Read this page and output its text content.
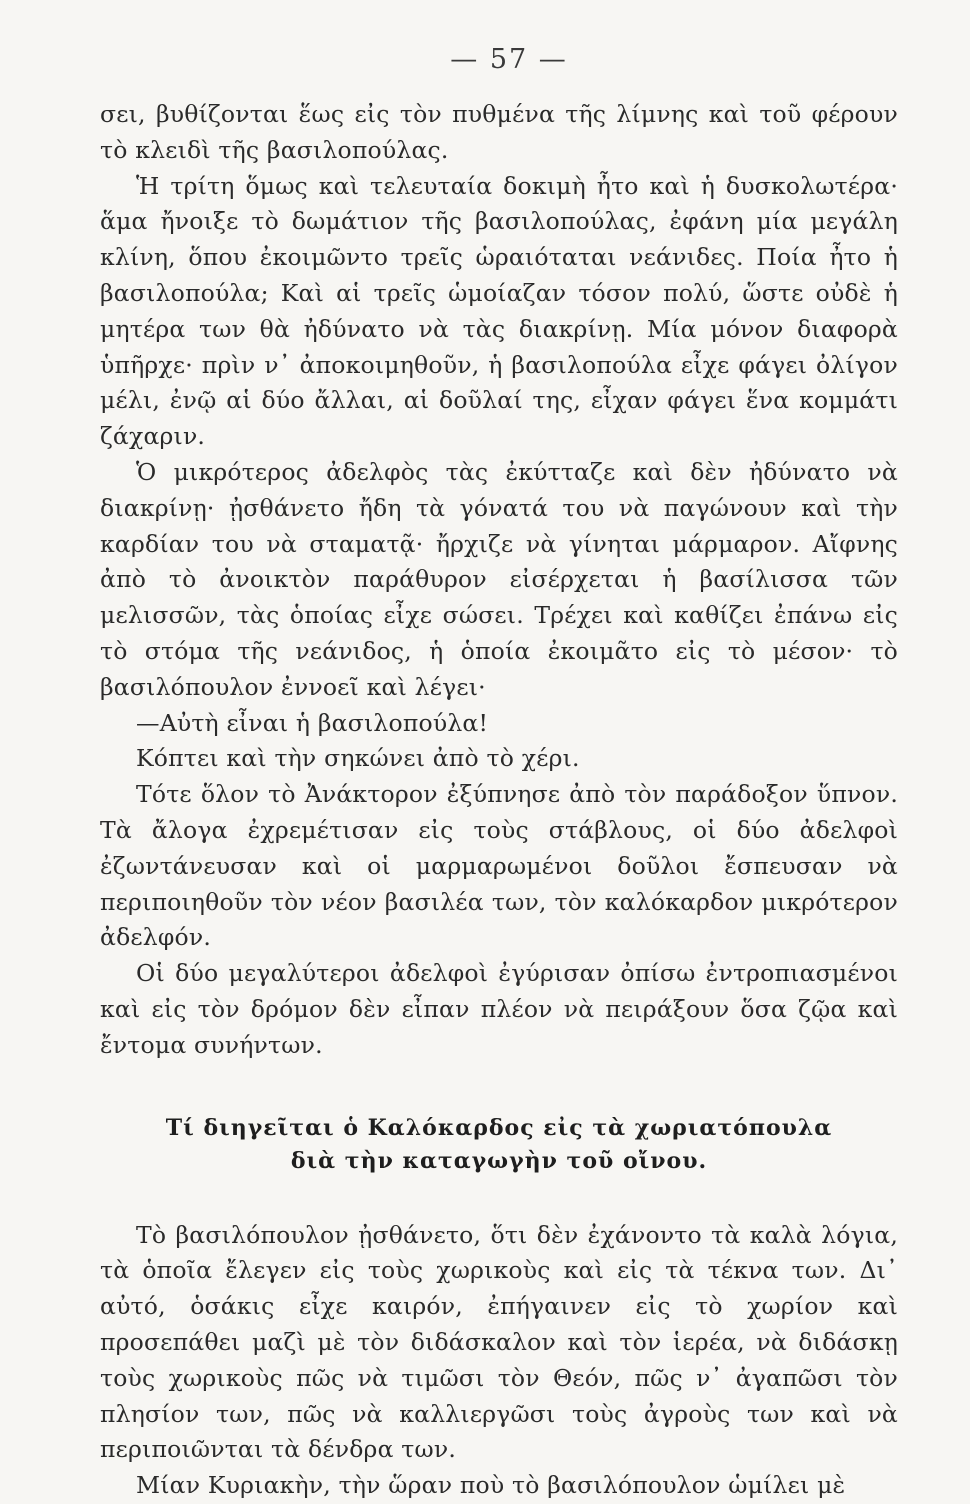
— 57 —

σει, βυθίζονται ἕως εἰς τὸν πυθμένα τῆς λίμνης καὶ τοῦ φέρουν τὸ κλειδὶ τῆς βασιλοπούλας.

Ἡ τρίτη ὅμως καὶ τελευταία δοκιμὴ ἦτο καὶ ἡ δυσκολωτέρα· ἅμα ἤνοιξε τὸ δωμάτιον τῆς βασιλοπούλας, ἐφάνη μία μεγάλη κλίνη, ὅπου ἐκοιμῶντο τρεῖς ὡραιόταται νεάνιδες. Ποία ἦτο ἡ βασιλοπούλα; Καὶ αἱ τρεῖς ὡμοίαζαν τόσον πολύ, ὥστε οὐδὲ ἡ μητέρα των θὰ ἠδύνατο νὰ τὰς διακρίνῃ. Μία μόνον διαφορὰ ὑπῆρχε· πρὶν ν᾽ ἀποκοιμηθοῦν, ἡ βασιλοπούλα εἶχε φάγει ὀλίγον μέλι, ἐνῷ αἱ δύο ἄλλαι, αἱ δοῦλαί της, εἶχαν φάγει ἕνα κομμάτι ζάχαριν.

Ὁ μικρότερος ἀδελφὸς τὰς ἐκύτταζε καὶ δὲν ἠδύνατο νὰ διακρίνῃ· ᾐσθάνετο ἤδη τὰ γόνατά του νὰ παγώνουν καὶ τὴν καρδίαν του νὰ σταματᾷ· ἤρχιζε νὰ γίνηται μάρμαρον. Αἴφνης ἀπὸ τὸ ἀνοικτὸν παράθυρον εἰσέρχεται ἡ βασίλισσα τῶν μελισσῶν, τὰς ὁποίας εἶχε σώσει. Τρέχει καὶ καθίζει ἐπάνω εἰς τὸ στόμα τῆς νεάνιδος, ἡ ὁποία ἐκοιμᾶτο εἰς τὸ μέσον· τὸ βασιλόπουλον ἐννοεῖ καὶ λέγει·

—Αὐτὴ εἶναι ἡ βασιλοπούλα!

Κόπτει καὶ τὴν σηκώνει ἀπὸ τὸ χέρι.

Τότε ὅλον τὸ Ἀνάκτορον ἐξύπνησε ἀπὸ τὸν παράδοξον ὕπνον. Τὰ ἄλογα ἐχρεμέτισαν εἰς τοὺς στάβλους, οἱ δύο ἀδελφοὶ ἐζωντάνευσαν καὶ οἱ μαρμαρωμένοι δοῦλοι ἔσπευσαν νὰ περιποιηθοῦν τὸν νέον βασιλέα των, τὸν καλόκαρδον μικρότερον ἀδελφόν.

Οἱ δύο μεγαλύτεροι ἀδελφοὶ ἐγύρισαν ὀπίσω ἐντροπιασμένοι καὶ εἰς τὸν δρόμον δὲν εἶπαν πλέον νὰ πειράξουν ὅσα ζῷα καὶ ἔντομα συνήντων.

Τί διηγεῖται ὁ Καλόκαρδος εἰς τὰ χωριατόπουλα
διὰ τὴν καταγωγὴν τοῦ οἴνου.

Τὸ βασιλόπουλον ᾐσθάνετο, ὅτι δὲν ἐχάνοντο τὰ καλὰ λόγια, τὰ ὁποῖα ἔλεγεν εἰς τοὺς χωρικοὺς καὶ εἰς τὰ τέκνα των. Δι᾽ αὐτό, ὁσάκις εἶχε καιρόν, ἐπήγαινεν εἰς τὸ χωρίον καὶ προσεπάθει μαζὶ μὲ τὸν διδάσκαλον καὶ τὸν ἱερέα, νὰ διδάσκῃ τοὺς χωρικοὺς πῶς νὰ τιμῶσι τὸν Θεόν, πῶς ν᾽ ἀγαπῶσι τὸν πλησίον των, πῶς νὰ καλλιεργῶσι τοὺς ἀγροὺς των καὶ νὰ περιποιῶνται τὰ δένδρα των.

Μίαν Κυριακὴν, τὴν ὥραν ποὺ τὸ βασιλόπουλον ὡμίλει μὲ
